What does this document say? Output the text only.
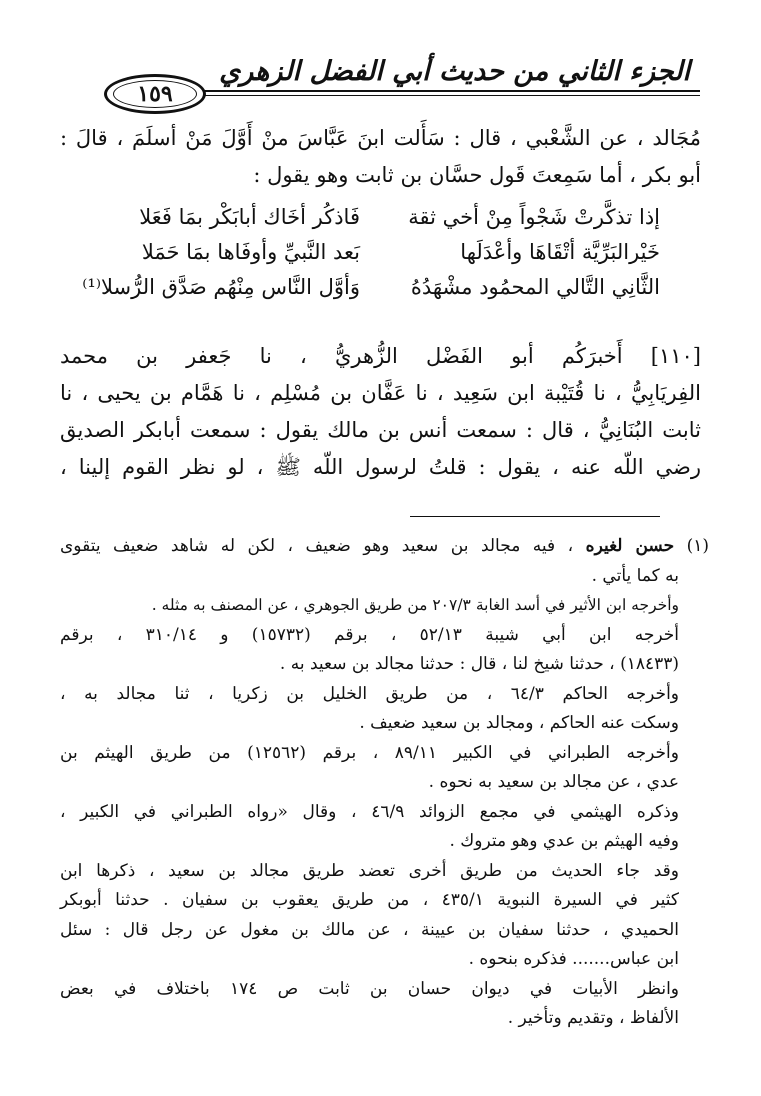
الجزء الثاني من حديث أبي الفضل الزهري
١٥٩

مُجَالد ، عن الشَّعْبي ، قال : سَأَلت ابنَ عَبَّاسَ منْ أَوَّلَ مَنْ أسلَمَ ، قالَ :

أبو بكر ، أما سَمِعتَ قَول حسَّان بن ثابت وهو يقول :

إذا تذكَّرتْ شَجْواً مِنْ أخي ثقة
فَاذكُر أخَاك أبابَكْر بمَا فَعَلا
خَيْرالبَرِّيَّة أتْقَاهَا وأعْدَلَها
بَعد النَّبيِّ وأوفَاها بمَا حَمَلا
الثَّانِي التَّالي المحمُود مشْهَدُهُ
وَأوَّل النَّاس مِنْهُم صَدَّق الرُّسلا⁽¹⁾

[١١٠] أَخبرَكُم أبو الفَضْل الزُّهريُّ ، نا جَعفر بن محمد

الفِريَابِيُّ ، نا قُتَيْبة ابن سَعِيد ، نا عَفَّان بن مُسْلِم ، نا هَمَّام بن يحيى ، نا

ثابت البُنَانِيُّ ، قال : سمعت أنس بن مالك يقول : سمعت أبابكر الصديق

رضي اللّه عنه ، يقول : قلتُ لرسول اللّه ﷺ ، لو نظر القوم إلينا ،

(١) حسن لغيره ، فيه مجالد بن سعيد وهو ضعيف ، لكن له شاهد ضعيف يتقوى

به كما يأتي .

وأخرجه ابن الأثير في أسد الغابة ٢٠٧/٣ من طريق الجوهري ، عن المصنف به مثله .

أخرجه ابن أبي شيبة ٥٢/١٣ ، برقم (١٥٧٣٢) و ٣١٠/١٤ ، برقم

(١٨٤٣٣) ، حدثنا شيخ لنا ، قال : حدثنا مجالد بن سعيد به .

وأخرجه الحاكم ٦٤/٣ ، من طريق الخليل بن زكريا ، ثنا مجالد به ،

وسكت عنه الحاكم ، ومجالد بن سعيد ضعيف .

وأخرجه الطبراني في الكبير ٨٩/١١ ، برقم (١٢٥٦٢) من طريق الهيثم بن

عدي ، عن مجالد بن سعيد به نحوه .

وذكره الهيثمي في مجمع الزوائد ٤٦/٩ ، وقال «رواه الطبراني في الكبير ،

وفيه الهيثم بن عدي وهو متروك .

وقد جاء الحديث من طريق أخرى تعضد طريق مجالد بن سعيد ، ذكرها ابن

كثير في السيرة النبوية ٤٣٥/١ ، من طريق يعقوب بن سفيان . حدثنا أبوبكر

الحميدي ، حدثنا سفيان بن عيينة ، عن مالك بن مغول عن رجل قال : سئل

ابن عباس....... فذكره بنحوه .

وانظر الأبيات في ديوان حسان بن ثابت ص ١٧٤ باختلاف في بعض

الألفاظ ، وتقديم وتأخير .
